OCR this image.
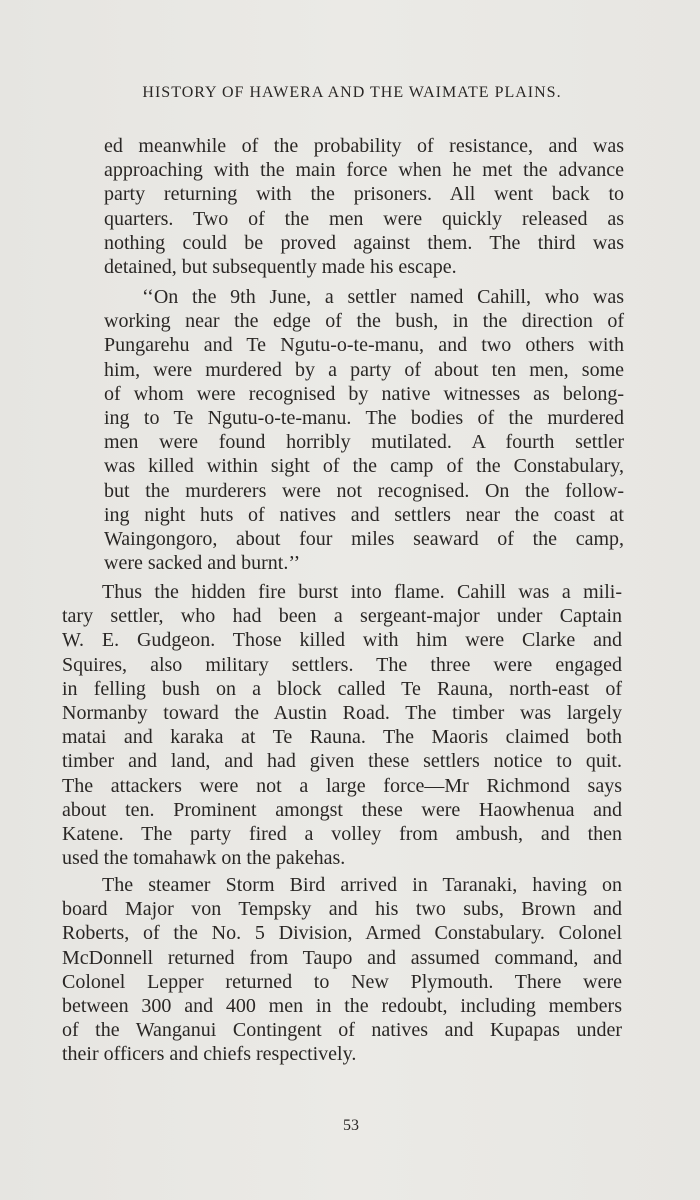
HISTORY OF HAWERA AND THE WAIMATE PLAINS.

ed meanwhile of the probability of resistance, and was
approaching with the main force when he met the advance
party returning with the prisoners. All went back to
quarters. Two of the men were quickly released as
nothing could be proved against them. The third was
detained, but subsequently made his escape.

‘‘On the 9th June, a settler named Cahill, who was
working near the edge of the bush, in the direction of
Pungarehu and Te Ngutu-o-te-manu, and two others with
him, were murdered by a party of about ten men, some
of whom were recognised by native witnesses as belong-
ing to Te Ngutu-o-te-manu. The bodies of the murdered
men were found horribly mutilated. A fourth settler
was killed within sight of the camp of the Constabulary,
but the murderers were not recognised. On the follow-
ing night huts of natives and settlers near the coast at
Waingongoro, about four miles seaward of the camp,
were sacked and burnt.’’

Thus the hidden fire burst into flame. Cahill was a mili-
tary settler, who had been a sergeant-major under Captain
W. E. Gudgeon. Those killed with him were Clarke and
Squires, also military settlers. The three were engaged
in felling bush on a block called Te Rauna, north-east of
Normanby toward the Austin Road. The timber was largely
matai and karaka at Te Rauna. The Maoris claimed both
timber and land, and had given these settlers notice to quit.
The attackers were not a large force—Mr Richmond says
about ten. Prominent amongst these were Haowhenua and
Katene. The party fired a volley from ambush, and then
used the tomahawk on the pakehas.

The steamer Storm Bird arrived in Taranaki, having on
board Major von Tempsky and his two subs, Brown and
Roberts, of the No. 5 Division, Armed Constabulary. Colonel
McDonnell returned from Taupo and assumed command, and
Colonel Lepper returned to New Plymouth. There were
between 300 and 400 men in the redoubt, including members
of the Wanganui Contingent of natives and Kupapas under
their officers and chiefs respectively.

53
